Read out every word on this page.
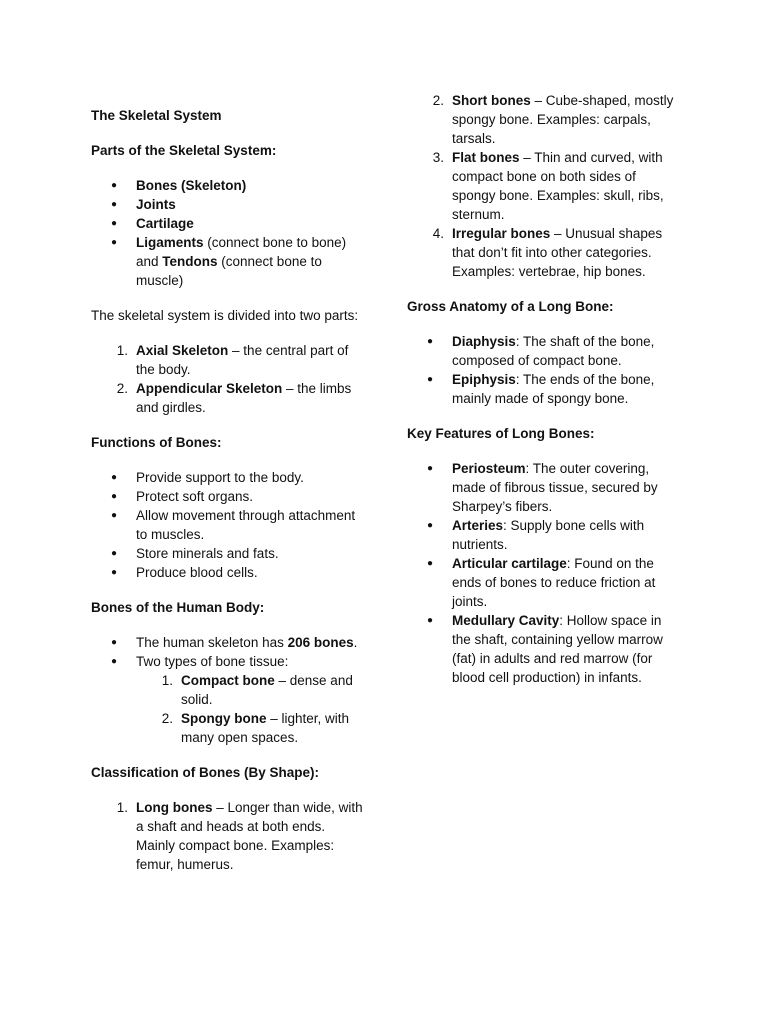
The Skeletal System

Parts of the Skeletal System:

● Bones (Skeleton)
● Joints
● Cartilage
● Ligaments (connect bone to bone) and Tendons (connect bone to muscle)

The skeletal system is divided into two parts:

1. Axial Skeleton – the central part of the body.
2. Appendicular Skeleton – the limbs and girdles.

Functions of Bones:

● Provide support to the body.
● Protect soft organs.
● Allow movement through attachment to muscles.
● Store minerals and fats.
● Produce blood cells.

Bones of the Human Body:

● The human skeleton has 206 bones.
● Two types of bone tissue:
1. Compact bone – dense and solid.
2. Spongy bone – lighter, with many open spaces.

Classification of Bones (By Shape):

1. Long bones – Longer than wide, with a shaft and heads at both ends. Mainly compact bone. Examples: femur, humerus.
2. Short bones – Cube-shaped, mostly spongy bone. Examples: carpals, tarsals.
3. Flat bones – Thin and curved, with compact bone on both sides of spongy bone. Examples: skull, ribs, sternum.
4. Irregular bones – Unusual shapes that don’t fit into other categories. Examples: vertebrae, hip bones.

Gross Anatomy of a Long Bone:

● Diaphysis: The shaft of the bone, composed of compact bone.
● Epiphysis: The ends of the bone, mainly made of spongy bone.

Key Features of Long Bones:

● Periosteum: The outer covering, made of fibrous tissue, secured by Sharpey’s fibers.
● Arteries: Supply bone cells with nutrients.
● Articular cartilage: Found on the ends of bones to reduce friction at joints.
● Medullary Cavity: Hollow space in the shaft, containing yellow marrow (fat) in adults and red marrow (for blood cell production) in infants.
